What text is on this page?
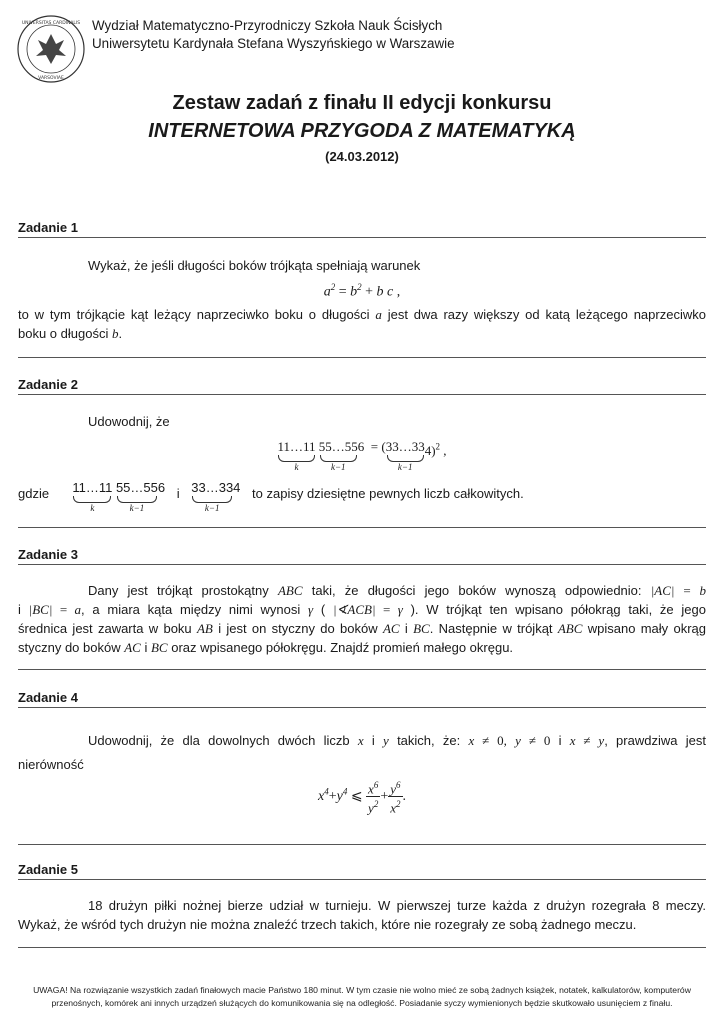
UNIVERSITAS CARDINALIS
VARSOVIAE
Wydział Matematyczno-Przyrodniczy Szkoła Nauk Ścisłych
Uniwersytetu Kardynała Stefana Wyszyńskiego w Warszawie
Zestaw zadań z finału II edycji konkursu
INTERNETOWA PRZYGODA Z MATEMATYKĄ
(24.03.2012)
Zadanie 1
Wykaż, że jeśli długości boków trójkąta spełniają warunek
$a^2 = b^2 + b$ c ,
to w tym trójkącie kąt leżący naprzeciwko boku o długości a jest dwa razy większy od katą leżącego naprzeciwko
boku o długości b.
Zadanie 2
Udowodnij, że
11…11
k

55…55
k−1
6  = ( 33…33
k−1
4)$^2$ ,
gdzie 11…11
k

55…55
k−1
6 i 33…33
k−1
4 to zapisy dziesiętne pewnych liczb całkowitych.
Zadanie 3
Dany jest trójkąt prostokątny ABC taki, że długości jego boków wynoszą odpowiednio: |AC| = b
i |BC| = a, a miara kąta między nimi wynosi γ ( |∢ACB| = γ ). W trójkąt ten wpisano półokrąg taki, że jego
średnica jest zawarta w boku AB i jest on styczny do boków AC i BC. Następnie w trójkąt ABC wpisano mały okrąg
styczny do boków AC i BC oraz wpisanego półokręgu. Znajdź promień małego okręgu.
Zadanie 4
Udowodnij, że dla dowolnych dwóch liczb x i y takich, że: x ≠ 0, y ≠ 0 i x ≠ y, prawdziwa jest
nierówność
$x^4+y^4$ ⩽ $\frac{x^6}{y^2} + \frac{y^6}{x^2}$ .
Zadanie 5
18 drużyn piłki nożnej bierze udział w turnieju. W pierwszej turze każda z drużyn rozegrała 8 meczy.
Wykaż, że wśród tych drużyn nie można znaleźć trzech takich, które nie rozegrały ze sobą żadnego meczu.
UWAGA! Na rozwiązanie wszystkich zadań finałowych macie Państwo 180 minut. W tym czasie nie wolno mieć ze sobą żadnych książek, notatek, kalkulatorów, komputerów
przenośnych, komórek ani innych urządzeń służących do komunikowania się na odległość. Posiadanie syczy wymienionych będzie skutkowało usunięciem z finału.
